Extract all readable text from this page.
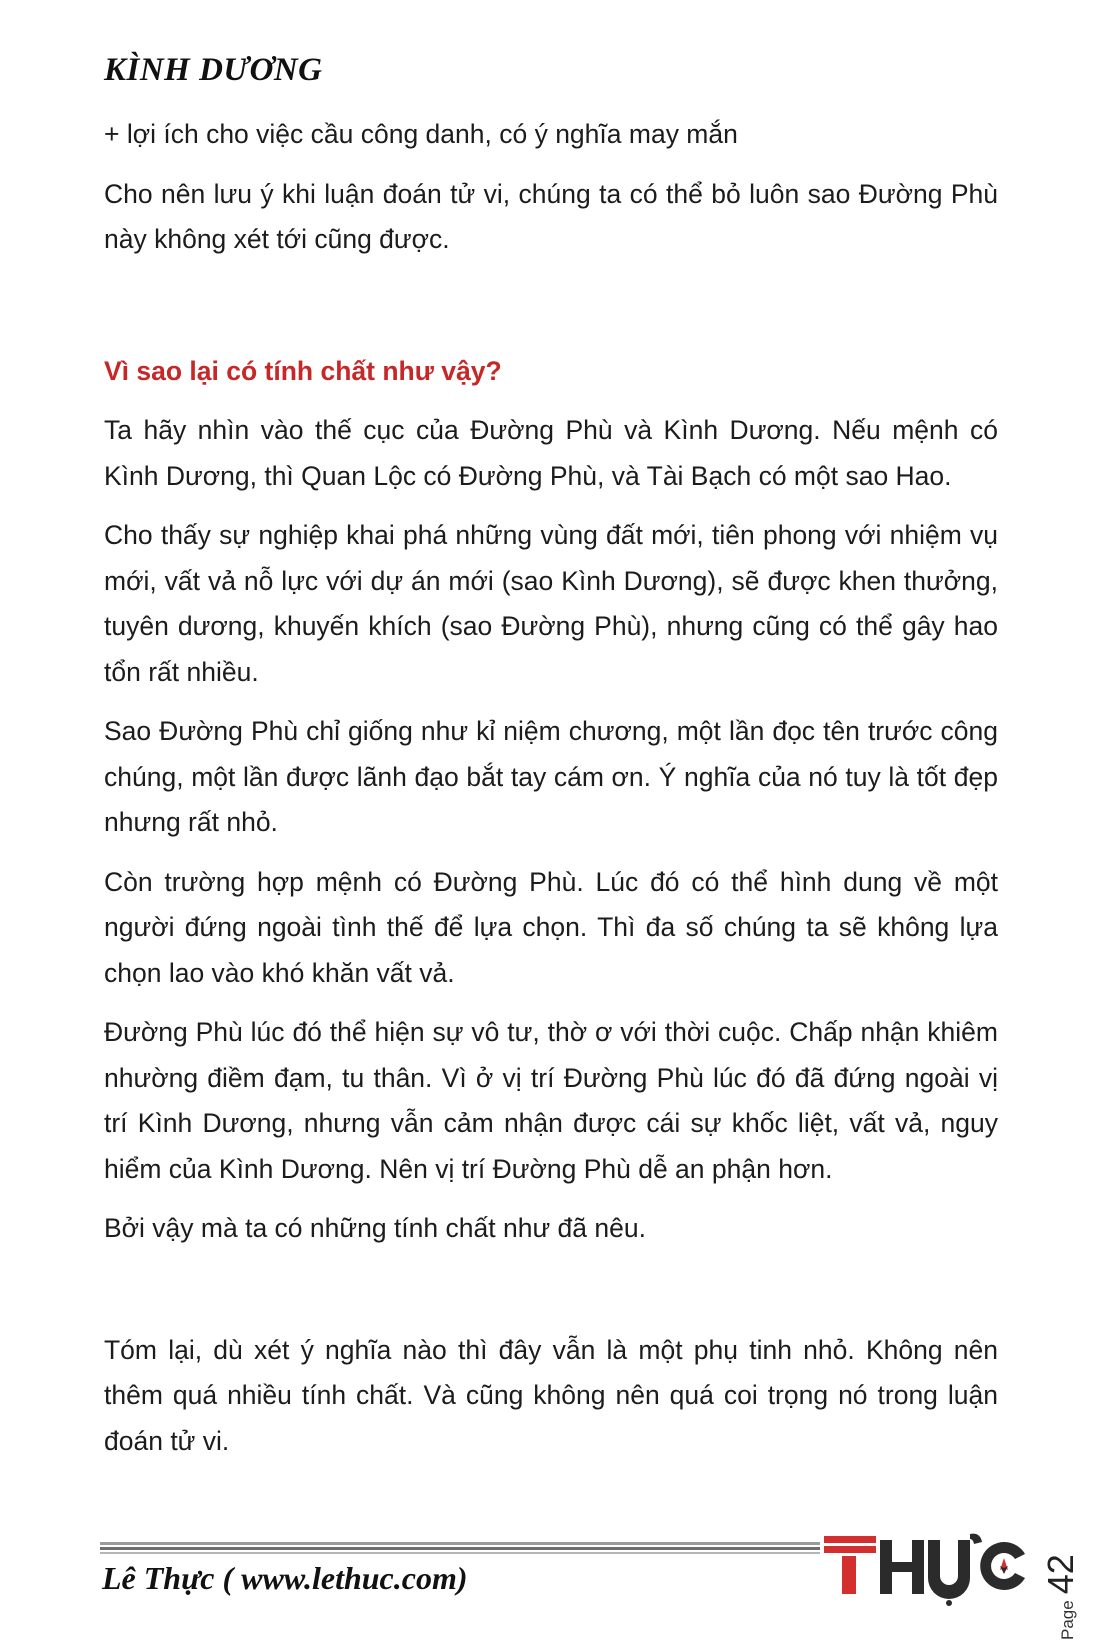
KÌNH DƯƠNG

+ lợi ích cho việc cầu công danh, có ý nghĩa may mắn

Cho nên lưu ý khi luận đoán tử vi, chúng ta có thể bỏ luôn sao Đường Phù này không xét tới cũng được.

Vì sao lại có tính chất như vậy?

Ta hãy nhìn vào thế cục của Đường Phù và Kình Dương. Nếu mệnh có Kình Dương, thì Quan Lộc có Đường Phù, và Tài Bạch có một sao Hao.

Cho thấy sự nghiệp khai phá những vùng đất mới, tiên phong với nhiệm vụ mới, vất vả nỗ lực với dự án mới (sao Kình Dương), sẽ được khen thưởng, tuyên dương, khuyến khích (sao Đường Phù), nhưng cũng có thể gây hao tổn rất nhiều.

Sao Đường Phù chỉ giống như kỉ niệm chương, một lần đọc tên trước công chúng, một lần được lãnh đạo bắt tay cám ơn. Ý nghĩa của nó tuy là tốt đẹp nhưng rất nhỏ.

Còn trường hợp mệnh có Đường Phù. Lúc đó có thể hình dung về một người đứng ngoài tình thế để lựa chọn. Thì đa số chúng ta sẽ không lựa chọn lao vào khó khăn vất vả.

Đường Phù lúc đó thể hiện sự vô tư, thờ ơ với thời cuộc. Chấp nhận khiêm nhường điềm đạm, tu thân. Vì ở vị trí Đường Phù lúc đó đã đứng ngoài vị trí Kình Dương, nhưng vẫn cảm nhận được cái sự khốc liệt, vất vả, nguy hiểm của Kình Dương. Nên vị trí Đường Phù dễ an phận hơn.

Bởi vậy mà ta có những tính chất như đã nêu.

Tóm lại, dù xét ý nghĩa nào thì đây vẫn là một phụ tinh nhỏ. Không nên thêm quá nhiều tính chất. Và cũng không nên quá coi trọng nó trong luận đoán tử vi.

Page42
Lê Thực ( www.lethuc.com)
